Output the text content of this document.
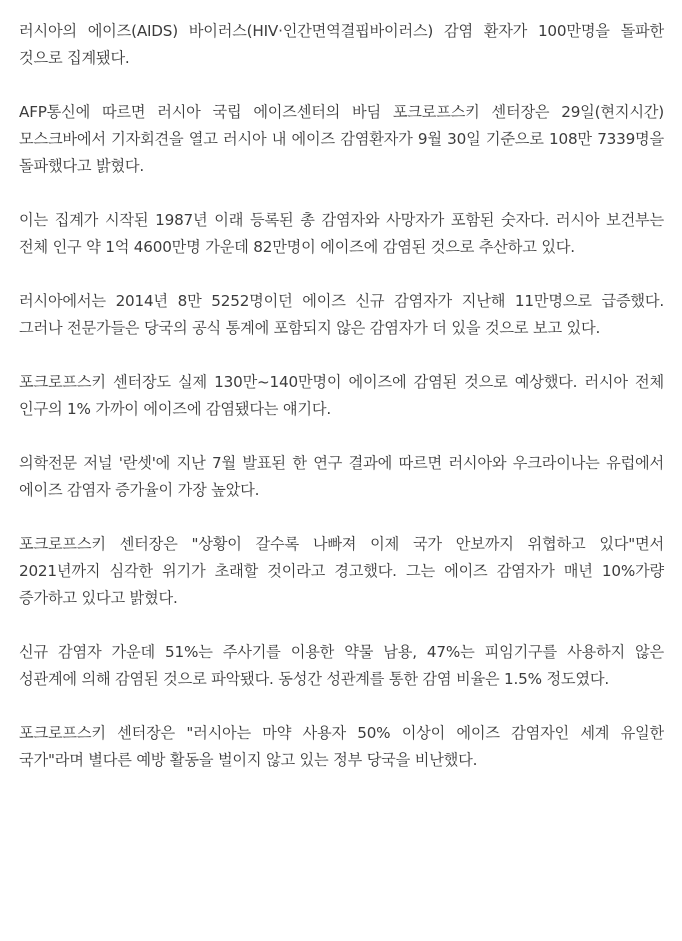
러시아의 에이즈(AIDS) 바이러스(HIV·인간면역결핍바이러스) 감염 환자가 100만명을 돌파한 것으로 집계됐다.

AFP통신에 따르면 러시아 국립 에이즈센터의 바딤 포크로프스키 센터장은 29일(현지시간) 모스크바에서 기자회견을 열고 러시아 내 에이즈 감염환자가 9월 30일 기준으로 108만 7339명을 돌파했다고 밝혔다.

이는 집계가 시작된 1987년 이래 등록된 총 감염자와 사망자가 포함된 숫자다. 러시아 보건부는 전체 인구 약 1억 4600만명 가운데 82만명이 에이즈에 감염된 것으로 추산하고 있다.

러시아에서는 2014년 8만 5252명이던 에이즈 신규 감염자가 지난해 11만명으로 급증했다. 그러나 전문가들은 당국의 공식 통계에 포함되지 않은 감염자가 더 있을 것으로 보고 있다.

포크로프스키 센터장도 실제 130만~140만명이 에이즈에 감염된 것으로 예상했다. 러시아 전체 인구의 1% 가까이 에이즈에 감염됐다는 얘기다.

의학전문 저널 '란셋'에 지난 7월 발표된 한 연구 결과에 따르면 러시아와 우크라이나는 유럽에서 에이즈 감염자 증가율이 가장 높았다.

포크로프스키 센터장은 "상황이 갈수록 나빠져 이제 국가 안보까지 위협하고 있다"면서 2021년까지 심각한 위기가 초래할 것이라고 경고했다. 그는 에이즈 감염자가 매년 10%가량 증가하고 있다고 밝혔다.

신규 감염자 가운데 51%는 주사기를 이용한 약물 남용, 47%는 피임기구를 사용하지 않은 성관계에 의해 감염된 것으로 파악됐다. 동성간 성관계를 통한 감염 비율은 1.5% 정도였다.

포크로프스키 센터장은 "러시아는 마약 사용자 50% 이상이 에이즈 감염자인 세계 유일한 국가"라며 별다른 예방 활동을 벌이지 않고 있는 정부 당국을 비난했다.
